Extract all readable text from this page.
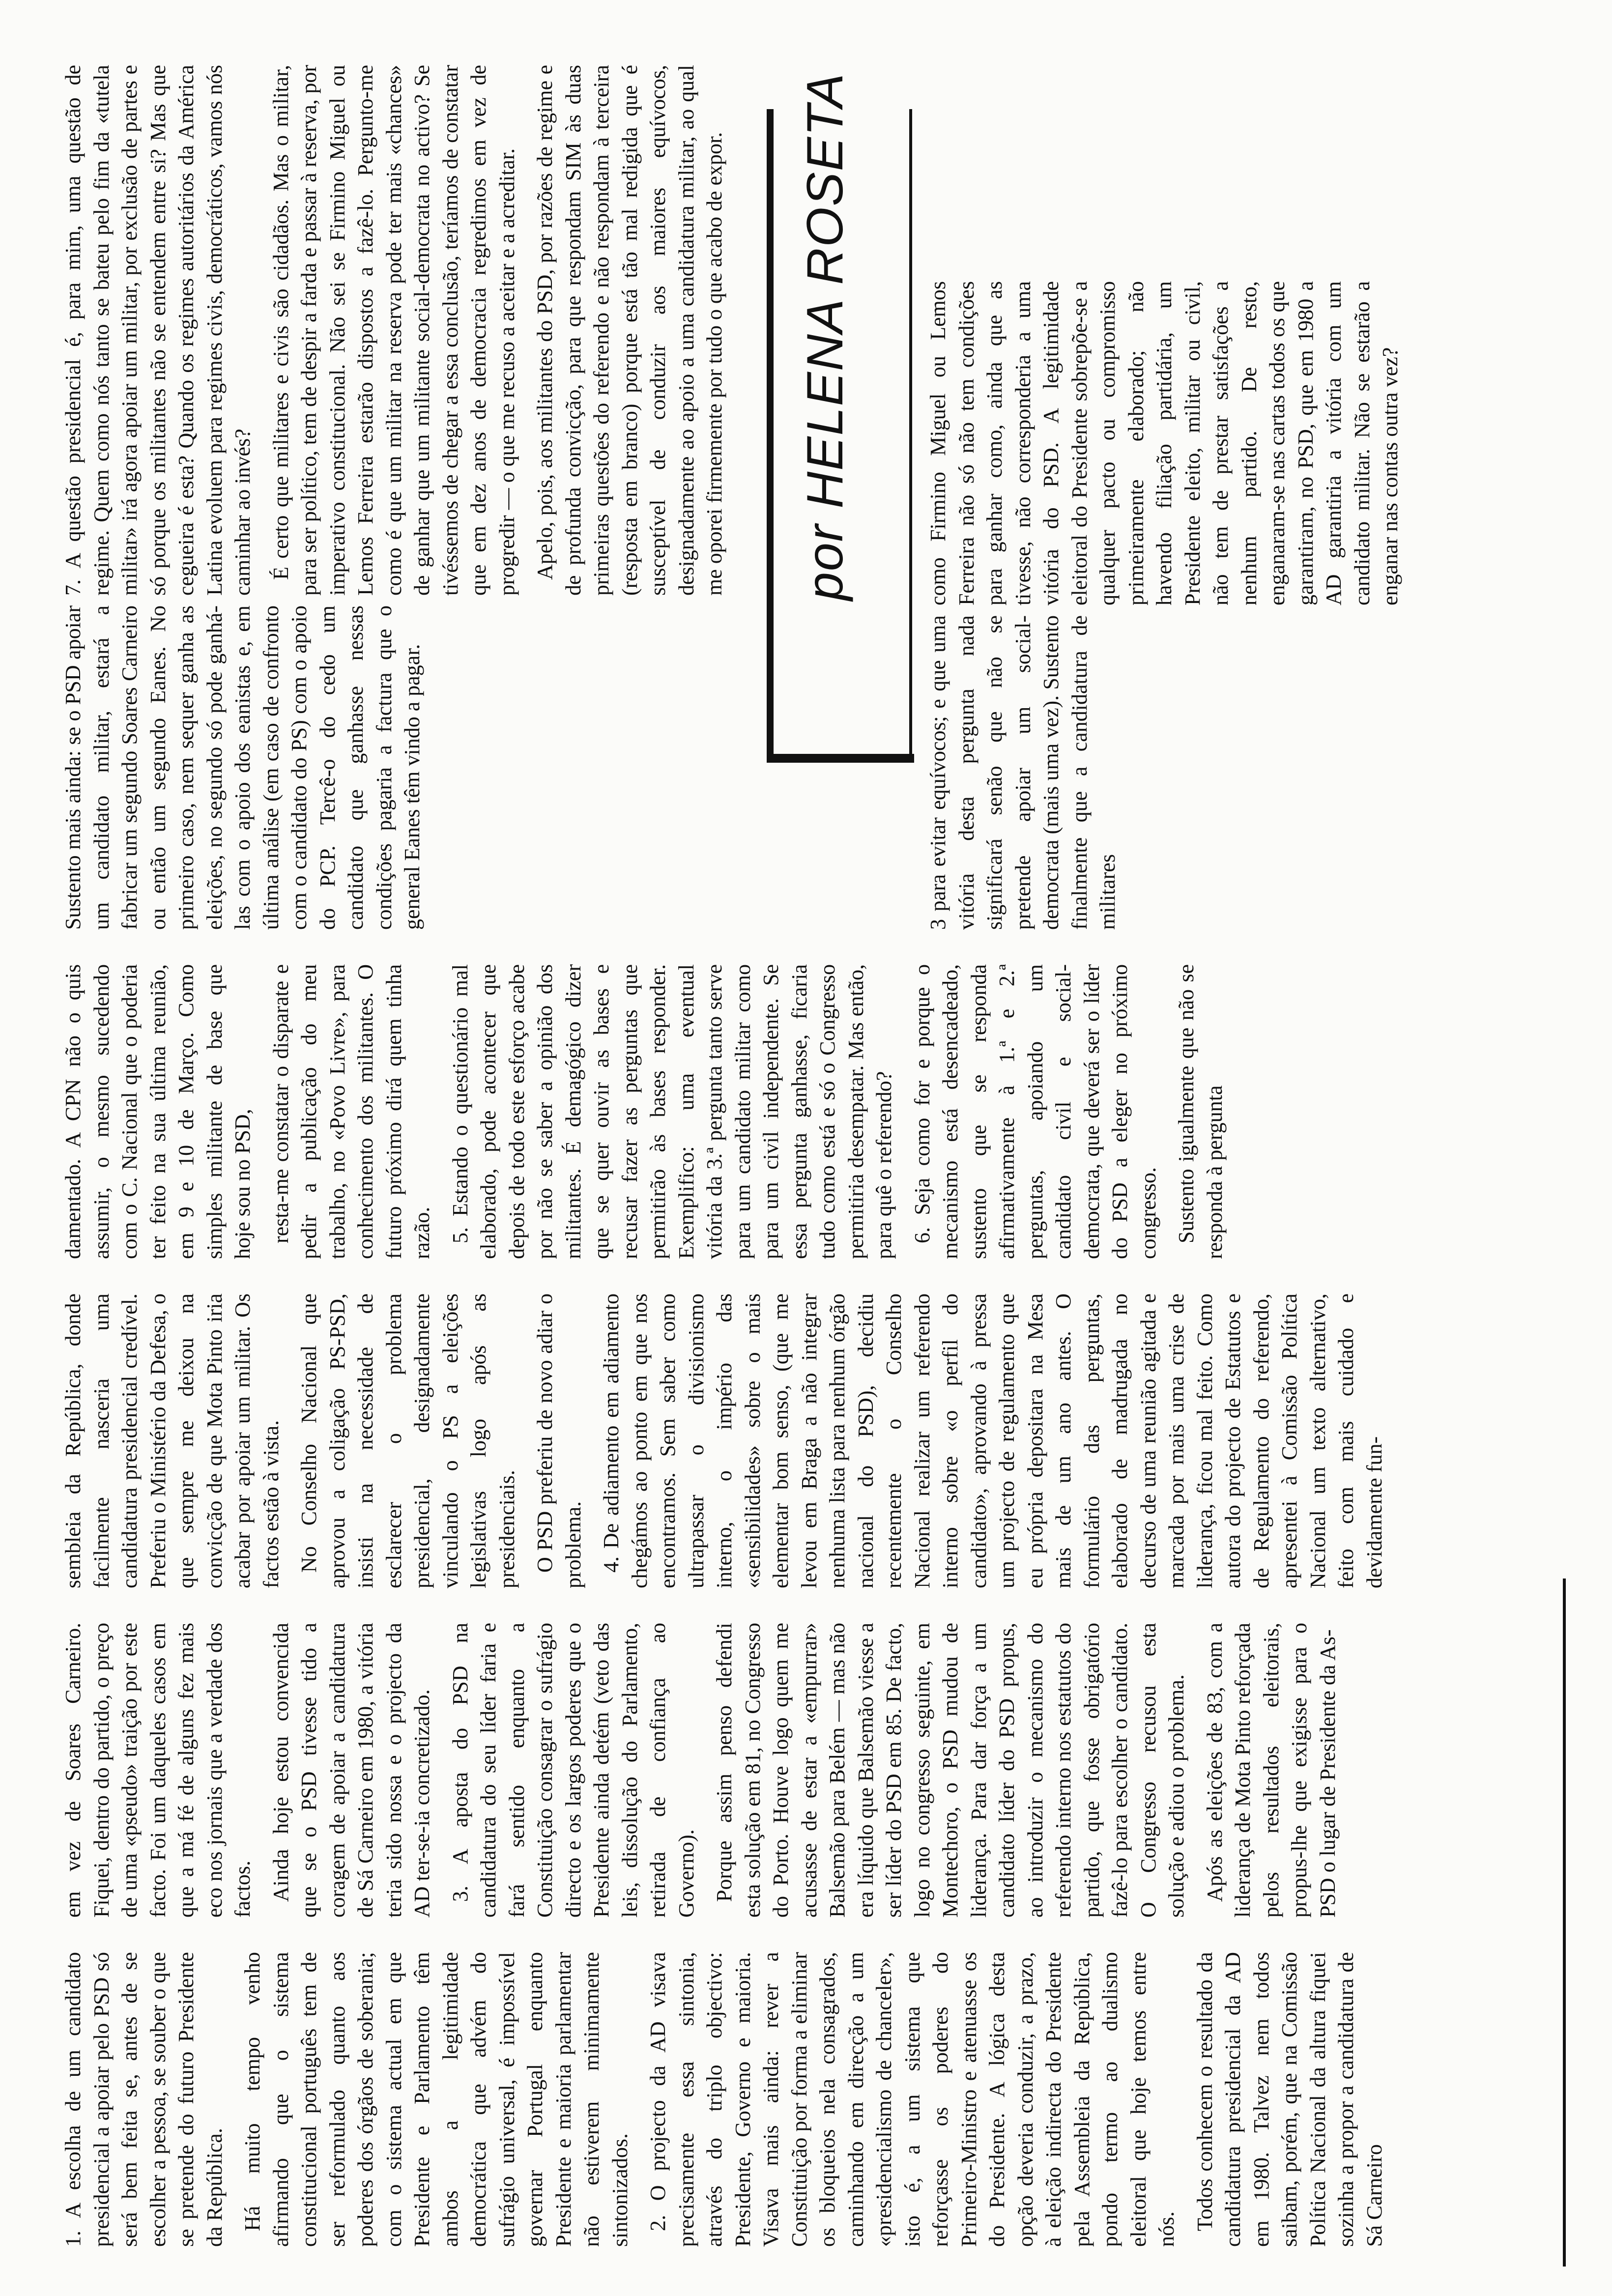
1. A escolha de um candidato presidencial a apoiar pelo PSD só será bem feita se, antes de se escolher a pessoa, se souber o que se pretende do futuro Presidente da República. Há muito tempo venho afirmando que o sistema constitucional português tem de ser reformulado quanto aos poderes dos órgãos de soberania; com o sistema actual em que Presidente e Parlamento têm ambos a legitimidade democrática que advém do sufrágio universal, é impossível governar Portugal enquanto Presidente e maioria parlamentar não estiverem minimamente sintonizados. 2. O projecto da AD visava precisamente essa sintonia, através do triplo objectivo: Presidente, Governo e maioria. Visava mais ainda: rever a Constituição por forma a eliminar os bloqueios nela consagrados, caminhando em direcção a um «presidencialismo de chanceler», isto é, a um sistema que reforçasse os poderes do Primeiro-Ministro e atenuasse os do Presidente. A lógica desta opção deveria conduzir, a prazo, à eleição indirecta do Presidente pela Assembleia da República, pondo termo ao dualismo eleitoral que hoje temos entre nós. Todos conhecem o resultado da candidatura presidencial da AD em 1980. Talvez nem todos saibam, porém, que na Comissão Política Nacional da altura fiquei sozinha a propor a candidatura de Sá Carneiro

em vez de Soares Carneiro. Fiquei, dentro do partido, o preço de uma «pseudo» traição por este facto. Foi um daqueles casos em que a má fé de alguns fez mais eco nos jornais que a verdade dos factos. Ainda hoje estou convencida que se o PSD tivesse tido a coragem de apoiar a candidatura de Sá Carneiro em 1980, a vitória teria sido nossa e o projecto da AD ter-se-ia concretizado. 3. A aposta do PSD na candidatura do seu líder faria e fará sentido enquanto a Constituição consagrar o sufrágio directo e os largos poderes que o Presidente ainda detém (veto das leis, dissolução do Parlamento, retirada de confiança ao Governo). Porque assim penso defendi esta solução em 81, no Congresso do Porto. Houve logo quem me acusasse de estar a «empurrar» Balsemão para Belém — mas não era líquido que Balsemão viesse a ser líder do PSD em 85. De facto, logo no congresso seguinte, em Montechoro, o PSD mudou de liderança. Para dar força a um candidato líder do PSD propus, ao introduzir o mecanismo do referendo interno nos estatutos do partido, que fosse obrigatório fazê-lo para escolher o candidato. O Congresso recusou esta solução e adiou o problema. Após as eleições de 83, com a liderança de Mota Pinto reforçada pelos resultados eleitorais, propus-lhe que exigisse para o PSD o lugar de Presidente da As-

sembleia da República, donde facilmente nasceria uma candidatura presidencial credível. Preferiu o Ministério da Defesa, o que sempre me deixou na convicção de que Mota Pinto iria acabar por apoiar um militar. Os factos estão à vista. No Conselho Nacional que aprovou a coligação PS-PSD, insisti na necessidade de esclarecer o problema presidencial, designadamente vinculando o PS a eleições legislativas logo após as presidenciais. O PSD preferiu de novo adiar o problema. 4. De adiamento em adiamento chegámos ao ponto em que nos encontramos. Sem saber como ultrapassar o divisionismo interno, o império das «sensibilidades» sobre o mais elementar bom senso, (que me levou em Braga a não integrar nenhuma lista para nenhum órgão nacional do PSD), decidiu recentemente o Conselho Nacional realizar um referendo interno sobre «o perfil do candidato», aprovando à pressa um projecto de regulamento que eu própria depositara na Mesa mais de um ano antes. O formulário das perguntas, elaborado de madrugada no decurso de uma reunião agitada e marcada por mais uma crise de liderança, ficou mal feito. Como autora do projecto de Estatutos e de Regulamento do referendo, apresentei à Comissão Política Nacional um texto alternativo, feito com mais cuidado e devidamente fun-

damentado. A CPN não o quis assumir, o mesmo sucedendo com o C. Nacional que o poderia ter feito na sua última reunião, em 9 e 10 de Março. Como simples militante de base que hoje sou no PSD, resta-me constatar o disparate e pedir a publicação do meu trabalho, no «Povo Livre», para conhecimento dos militantes. O futuro próximo dirá quem tinha razão. 5. Estando o questionário mal elaborado, pode acontecer que depois de todo este esforço acabe por não se saber a opinião dos militantes. É demagógico dizer que se quer ouvir as bases e recusar fazer as perguntas que permitirão às bases responder. Exemplifico: uma eventual vitória da 3.ª pergunta tanto serve para um candidato militar como para um civil independente. Se essa pergunta ganhasse, ficaria tudo como está e só o Congresso permitiria desempatar. Mas então, para quê o referendo? 6. Seja como for e porque o mecanismo está desencadeado, sustento que se responda afirmativamente à 1.ª e 2.ª perguntas, apoiando um candidato civil e social-democrata, que deverá ser o líder do PSD a eleger no próximo congresso. Sustento igualmente que não se responda à pergunta

3 para evitar equívocos; e que uma vitória desta pergunta nada significará senão que não se pretende apoiar um social-democrata (mais uma vez). Sustento finalmente que a candidatura de militares

como Firmino Miguel ou Lemos Ferreira não só não tem condições para ganhar como, ainda que as tivesse, não corresponderia a uma vitória do PSD. A legitimidade eleitoral do Presidente sobrepõe-se a qualquer pacto ou compromisso primeiramente elaborado; não havendo filiação partidária, um Presidente eleito, militar ou civil, não tem de prestar satisfações a nenhum partido. De resto, enganaram-se nas cartas todos os que garantiram, no PSD, que em 1980 a AD garantiria a vitória com um candidato militar. Não se estarão a enganar nas contas outra vez?

Sustento mais ainda: se o PSD apoiar um candidato militar, estará a fabricar um segundo Soares Carneiro ou então um segundo Eanes. No primeiro caso, nem sequer ganha as eleições, no segundo só pode ganhá-las com o apoio dos eanistas e, em última análise (em caso de confronto com o candidato do PS) com o apoio do PCP. Tercê-o do cedo um candidato que ganhasse nessas condições pagaria a factura que o general Eanes têm vindo a pagar.

7. A questão presidencial é, para mim, uma questão de regime. Quem como nós tanto se bateu pelo fim da «tutela militar» irá agora apoiar um militar, por exclusão de partes e só porque os militantes não se entendem entre si? Mas que cegueira é esta? Quando os regimes autoritários da América Latina evoluem para regimes civis, democráticos, vamos nós caminhar ao invés? É certo que militares e civis são cidadãos. Mas o militar, para ser político, tem de despir a farda e passar à reserva, por imperativo constitucional. Não sei se Firmino Miguel ou Lemos Ferreira estarão dispostos a fazê-lo. Pergunto-me como é que um militar na reserva pode ter mais «chances» de ganhar que um militante social-democrata no activo? Se tivéssemos de chegar a essa conclusão, teríamos de constatar que em dez anos de democracia regredimos em vez de progredir — o que me recuso a aceitar e a acreditar. Apelo, pois, aos militantes do PSD, por razões de regime e de profunda convicção, para que respondam SIM às duas primeiras questões do referendo e não respondam à terceira (resposta em branco) porque está tão mal redigida que é susceptível de conduzir aos maiores equívocos, designadamente ao apoio a uma candidatura militar, ao qual me oporei firmemente por tudo o que acabo de expor. por HELENA ROSETA
